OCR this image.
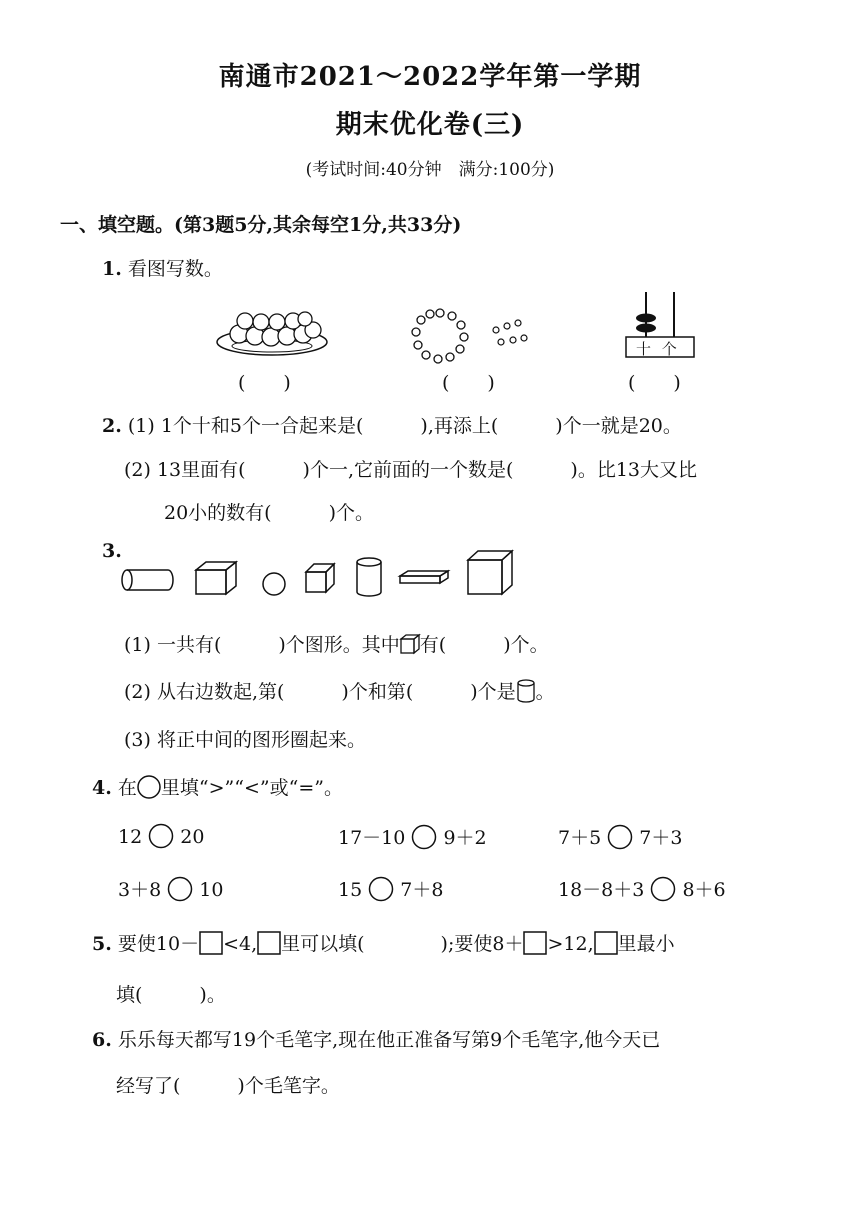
南通市2021～2022学年第一学期
期末优化卷(三)
(考试时间:40分钟　满分:100分)
一、填空题。(第3题5分,其余每空1分,共33分)
1. 看图写数。
(　　)	(　　)
十 个
(　　)
2. (1) 1个十和5个一合起来是(　　　),再添上(　　　)个一就是20。
(2) 13里面有(　　　)个一,它前面的一个数是(　　　)。比13大又比
20小的数有(　　　)个。
3.
(1) 一共有(　　　)个图形。其中 有(　　　)个。
(2) 从右边数起,第(　　　)个和第(　　　)个是 。
(3) 将正中间的图形圈起来。
4. 在 里填“>”“<”或“=”。
12 20	17－10 9＋2	7＋5 7＋3
3＋8 10	15 7＋8	18－8＋3 8＋6
5. 要使10－ <4, 里可以填(　　　　);要使8＋ >12, 里最小
填(　　　)。
6. 乐乐每天都写19个毛笔字,现在他正准备写第9个毛笔字,他今天已
经写了(　　　)个毛笔字。
